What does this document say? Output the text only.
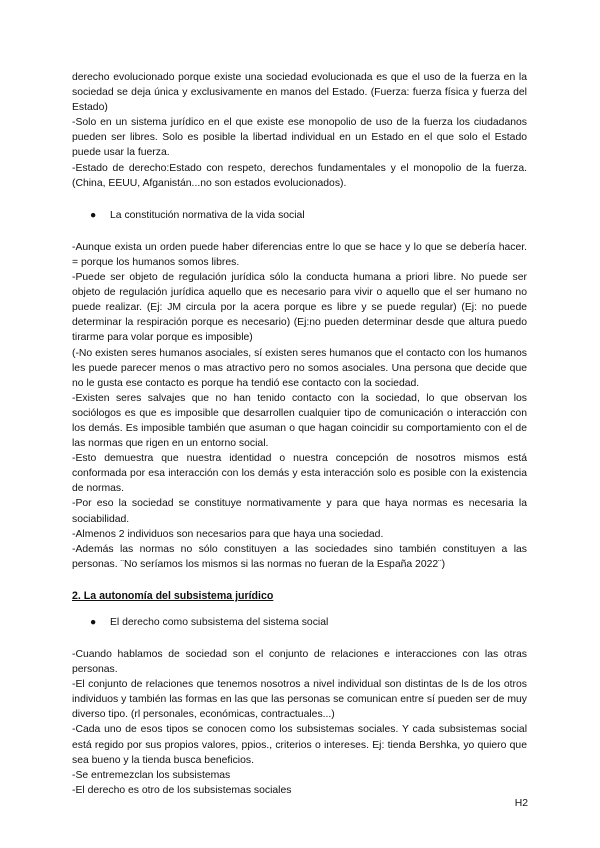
derecho evolucionado porque existe una sociedad evolucionada es que el uso de la fuerza en la sociedad se deja única y exclusivamente en manos del Estado. (Fuerza: fuerza física y fuerza del Estado)

-Solo en un sistema jurídico en el que existe ese monopolio de uso de la fuerza los ciudadanos pueden ser libres. Solo es posible la libertad individual en un Estado en el que solo el Estado puede usar la fuerza.

-Estado de derecho:Estado con respeto, derechos fundamentales y el monopolio de la fuerza. (China, EEUU, Afganistán...no son estados evolucionados).

● La constitución normativa de la vida social

-Aunque exista un orden puede haber diferencias entre lo que se hace y lo que se debería hacer. = porque los humanos somos libres.

-Puede ser objeto de regulación jurídica sólo la conducta humana a priori libre. No puede ser objeto de regulación jurídica aquello que es necesario para vivir o aquello que el ser humano no puede realizar. (Ej: JM circula por la acera porque es libre y se puede regular) (Ej: no puede determinar la respiración porque es necesario) (Ej:no pueden determinar desde que altura puedo tirarme para volar porque es imposible)

(-No existen seres humanos asociales, sí existen seres humanos que el contacto con los humanos les puede parecer menos o mas atractivo pero no somos asociales. Una persona que decide que no le gusta ese contacto es porque ha tendió ese contacto con la sociedad.

-Existen seres salvajes que no han tenido contacto con la sociedad, lo que observan los sociólogos es que es imposible que desarrollen cualquier tipo de comunicación o interacción con los demás. Es imposible también que asuman o que hagan coincidir su comportamiento con el de las normas que rigen en un entorno social.

-Esto demuestra que nuestra identidad o nuestra concepción de nosotros mismos está conformada por esa interacción con los demás y esta interacción solo es posible con la existencia de normas.

-Por eso la sociedad se constituye normativamente y para que haya normas es necesaria la sociabilidad.

-Almenos 2 individuos son necesarios para que haya una sociedad.

-Además las normas no sólo constituyen a las sociedades sino también constituyen a las personas. ¨No seríamos los mismos si las normas no fueran de la España 2022¨)

2. La autonomía del subsistema jurídico
● El derecho como subsistema del sistema social

-Cuando hablamos de sociedad son el conjunto de relaciones e interacciones con las otras personas.

-El conjunto de relaciones que tenemos nosotros a nivel individual son distintas de ls de los otros individuos y también las formas en las que las personas se comunican entre sí pueden ser de muy diverso tipo. (rl personales, económicas, contractuales...)

-Cada uno de esos tipos se conocen como los subsistemas sociales. Y cada subsistemas social está regido por sus propios valores, ppios., criterios o intereses. Ej: tienda Bershka, yo quiero que sea bueno y la tienda busca beneficios.

-Se entremezclan los subsistemas

-El derecho es otro de los subsistemas sociales

H2
